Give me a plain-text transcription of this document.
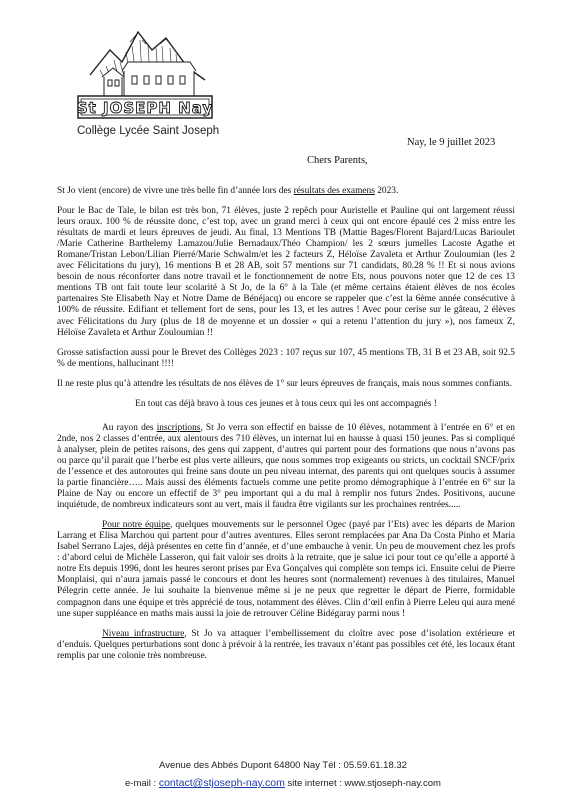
St JOSEPH Nay
Collège Lycée Saint Joseph
Nay, le 9 juillet 2023
Chers Parents,

St Jo vient (encore) de vivre une très belle fin d’année lors des résultats des examens 2023.

Pour le Bac de Tale, le bilan est très bon, 71 élèves, juste 2 repêch pour Auristelle et Pauline qui ont largement réussi leurs oraux. 100 % de réussite donc, c’est top, avec un grand merci à ceux qui ont encore épaulé ces 2 miss entre les résultats de mardi et leurs épreuves de jeudi. Au final, 13 Mentions TB (Mattie Bages/Florent Bajard/Lucas Barioulet /Marie Catherine Barthelemy Lamazou/Julie Bernadaux/Théo Champion/ les 2 sœurs jumelles Lacoste Agathe et Romane/Tristan Lebon/Lilian Pierré/Marie Schwalm/et les 2 facteurs Z, Héloïse Zavaleta et Arthur Zouloumian (les 2 avec Félicitations du jury), 16 mentions B et 28 AB, soit 57 mentions sur 71 candidats, 80.28 % !! Et si nous avions besoin de nous réconforter dans notre travail et le fonctionnement de notre Ets, nous pouvons noter que 12 de ces 13 mentions TB ont fait toute leur scolarité à St Jo, de la 6° à la Tale (et même certains étaient élèves de nos écoles partenaires Ste Elisabeth Nay et Notre Dame de Bénéjacq) ou encore se rappeler que c’est la 6ème année consécutive à 100% de réussite. Edifiant et tellement fort de sens, pour les 13, et les autres ! Avec pour cerise sur le gâteau, 2 élèves avec Félicitations du Jury (plus de 18 de moyenne et un dossier « qui a retenu l’attention du jury »), nos fameux Z, Héloïse Zavaleta et Arthur Zouloumian !!

Grosse satisfaction aussi pour le Brevet des Collèges 2023 : 107 reçus sur 107, 45 mentions TB, 31 B et 23 AB, soit 92.5 % de mentions, hallucinant !!!!

Il ne reste plus qu’à attendre les résultats de nos élèves de 1° sur leurs épreuves de français, mais nous sommes confiants.

En tout cas déjà bravo à tous ces jeunes et à tous ceux qui les ont accompagnés !

Au rayon des inscriptions, St Jo verra son effectif en baisse de 10 élèves, notamment à l’entrée en 6° et en 2nde, nos 2 classes d’entrée, aux alentours des 710 élèves, un internat lui en hausse à quasi 150 jeunes. Pas si compliqué à analyser, plein de petites raisons, des gens qui zappent, d’autres qui partent pour des formations que nous n’avons pas ou parce qu’il parait que l’herbe est plus verte ailleurs, que nous sommes trop exigeants ou stricts, un cocktail SNCF/prix de l’essence et des autoroutes qui freine sans doute un peu niveau internat, des parents qui ont quelques soucis à assumer la partie financière….. Mais aussi des éléments factuels comme une petite promo démographique à l’entrée en 6° sur la Plaine de Nay ou encore un effectif de 3° peu important qui a du mal à remplir nos futurs 2ndes. Positivons, aucune inquiétude, de nombreux indicateurs sont au vert, mais il faudra être vigilants sur les prochaines rentrées.....

Pour notre équipe, quelques mouvements sur le personnel Ogec (payé par l’Ets) avec les départs de Marion Larrang et Elisa Marchou qui partent pour d’autres aventures. Elles seront remplacées par Ana Da Costa Pinho et Maria Isabel Serrano Lajes, déjà présentes en cette fin d’année, et d’une embauche à venir. Un peu de mouvement chez les profs : d’abord celui de Michèle Lasseron, qui fait valoir ses droits à la retraite, que je salue ici pour tout ce qu’elle a apporté à notre Ets depuis 1996, dont les heures seront prises par Eva Gonçalves qui complète son temps ici. Ensuite celui de Pierre Monplaisi, qui n’aura jamais passé le concours et dont les heures sont (normalement) revenues à des titulaires, Manuel Pélegrin cette année. Je lui souhaite la bienvenue même si je ne peux que regretter le départ de Pierre, formidable compagnon dans une équipe et très apprécié de tous, notamment des élèves. Clin d’œil enfin à Pierre Leleu qui aura mené une super suppléance en maths mais aussi la joie de retrouver Céline Bidégaray parmi nous !

Niveau infrastructure, St Jo va attaquer l’embellissement du cloître avec pose d’isolation extérieure et d’enduis. Quelques perturbations sont donc à prévoir à la rentrée, les travaux n’étant pas possibles cet été, les locaux étant remplis par une colonie très nombreuse.

Avenue des Abbés Dupont 64800 Nay Tél : 05.59.61.18.32
e-mail : contact@stjoseph-nay.com site internet : www.stjoseph-nay.com
